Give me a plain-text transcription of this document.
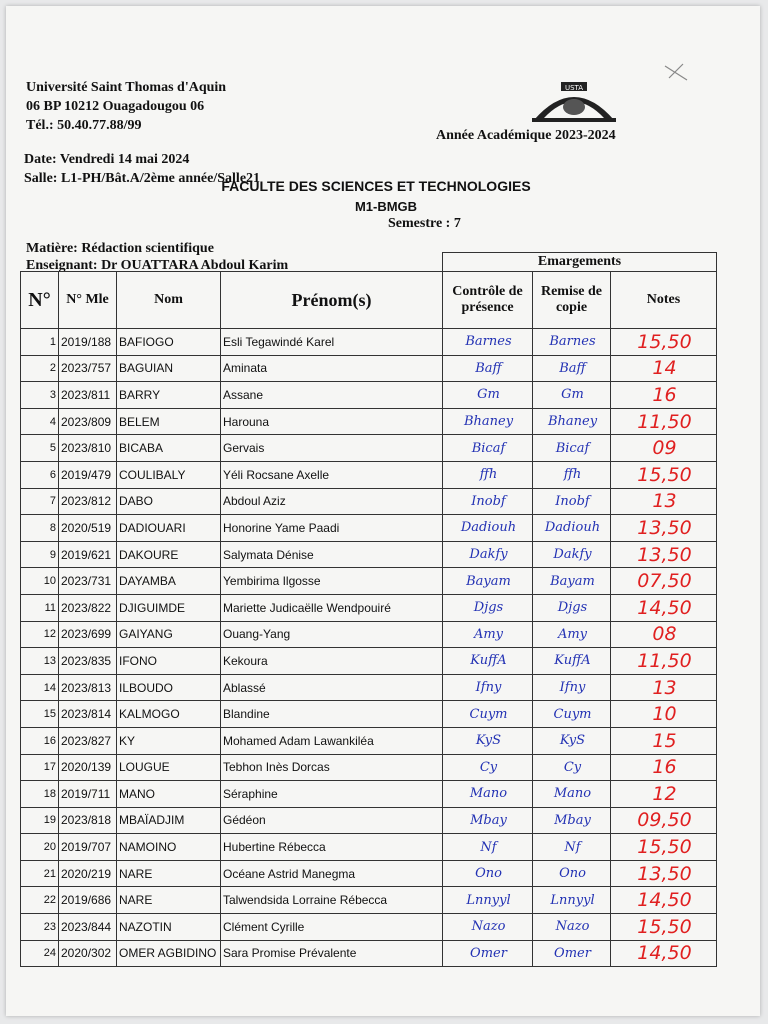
Université Saint Thomas d'Aquin
06 BP 10212 Ouagadougou 06
Tél.: 50.40.77.88/99
USTA
Année Académique 2023-2024
Date: Vendredi 14 mai 2024
Salle: L1-PH/Bât.A/2ème année/Salle21
FACULTE DES SCIENCES ET TECHNOLOGIES
M1-BMGB
Semestre : 7
Matière: Rédaction scientifique
Enseignant: Dr OUATTARA Abdoul Karim
				Emargements		
N°	N° Mle	Nom	Prénom(s)	Contrôle de présence	Remise de copie	Notes
1	2019/188	BAFIOGO	Esli Tegawindé Karel	Barnes	Barnes	15,50
2	2023/757	BAGUIAN	Aminata	Baff	Baff	14
3	2023/811	BARRY	Assane	Gm	Gm	16
4	2023/809	BELEM	Harouna	Bhaney	Bhaney	11,50
5	2023/810	BICABA	Gervais	Bicaf	Bicaf	09
6	2019/479	COULIBALY	Yéli Rocsane Axelle	ffh	ffh	15,50
7	2023/812	DABO	Abdoul Aziz	Inobf	Inobf	13
8	2020/519	DADIOUARI	Honorine Yame Paadi	Dadiouh	Dadiouh	13,50
9	2019/621	DAKOURE	Salymata Dénise	Dakfy	Dakfy	13,50
10	2023/731	DAYAMBA	Yembirima Ilgosse	Bayam	Bayam	07,50
11	2023/822	DJIGUIMDE	Mariette Judicaëlle Wendpouiré	Djgs	Djgs	14,50
12	2023/699	GAIYANG	Ouang-Yang	Amy	Amy	08
13	2023/835	IFONO	Kekoura	KuffA	KuffA	11,50
14	2023/813	ILBOUDO	Ablassé	Ifny	Ifny	13
15	2023/814	KALMOGO	Blandine	Cuym	Cuym	10
16	2023/827	KY	Mohamed Adam Lawankiléa	KyS	KyS	15
17	2020/139	LOUGUE	Tebhon Inès Dorcas	Cy	Cy	16
18	2019/711	MANO	Séraphine	Mano	Mano	12
19	2023/818	MBAÏADJIM	Gédéon	Mbay	Mbay	09,50
20	2019/707	NAMOINO	Hubertine Rébecca	Nf	Nf	15,50
21	2020/219	NARE	Océane Astrid Manegma	Ono	Ono	13,50
22	2019/686	NARE	Talwendsida Lorraine Rébecca	Lnnyyl	Lnnyyl	14,50
23	2023/844	NAZOTIN	Clément Cyrille	Nazo	Nazo	15,50
24	2020/302	OMER AGBIDINO	Sara Promise Prévalente	Omer	Omer	14,50
